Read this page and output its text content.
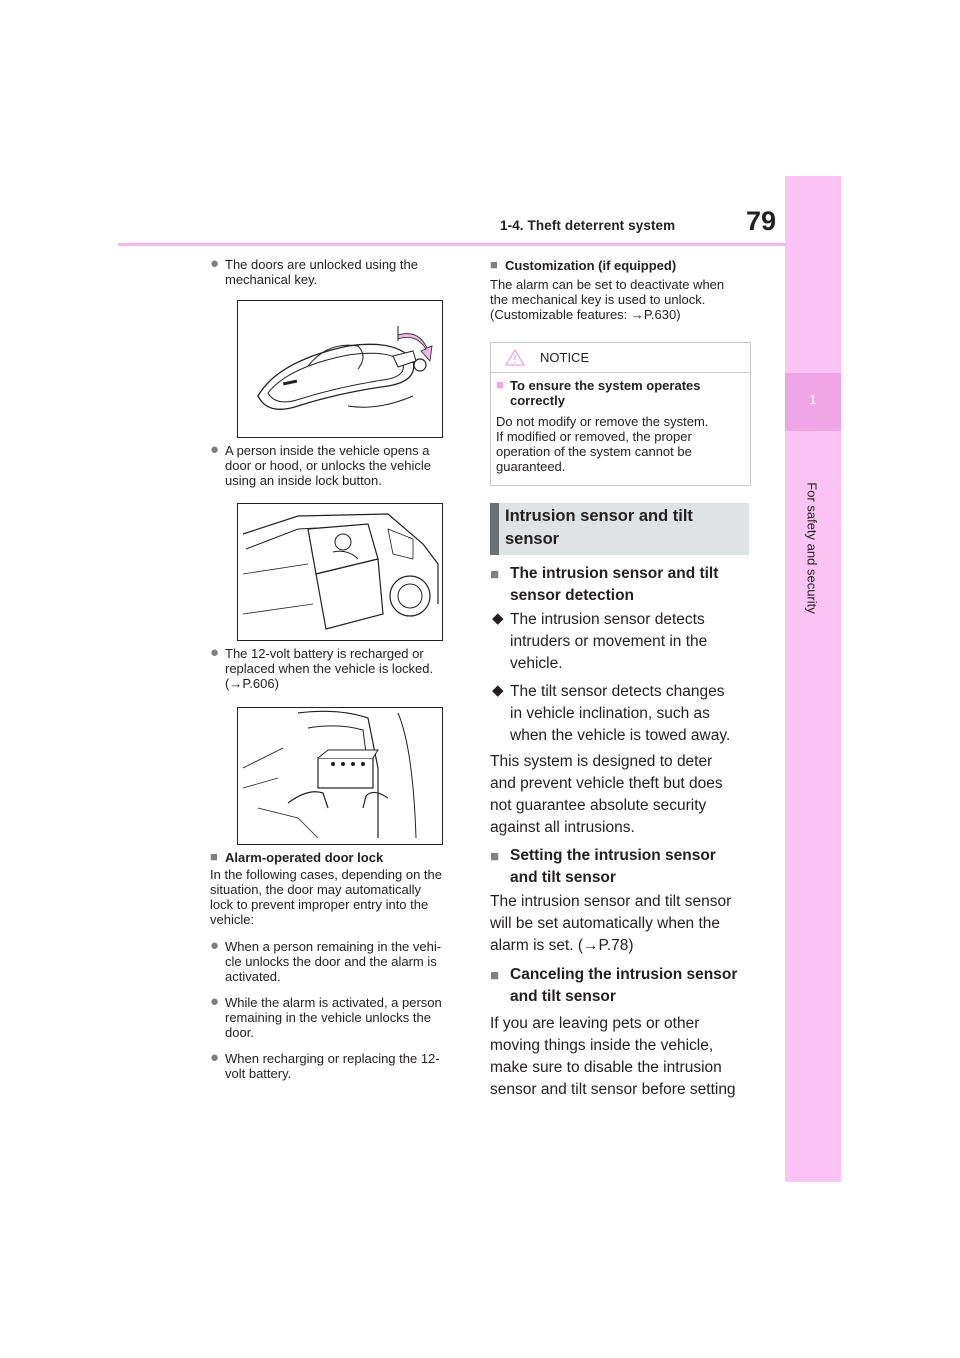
1-4. Theft deterrent system	79
1
For safety and security
● The doors are unlocked using the
mechanical key.
● A person inside the vehicle opens a
door or hood, or unlocks the vehicle
using an inside lock button.
● The 12-volt battery is recharged or
replaced when the vehicle is locked.
(→P.606)
■ Alarm-operated door lock
In the following cases, depending on the
situation, the door may automatically
lock to prevent improper entry into the
vehicle:
● When a person remaining in the vehi-
cle unlocks the door and the alarm is
activated.
● While the alarm is activated, a person
remaining in the vehicle unlocks the
door.
● When recharging or replacing the 12-
volt battery.
■ Customization (if equipped)
The alarm can be set to deactivate when
the mechanical key is used to unlock.
(Customizable features: →P.630)
NOTICE
■ To ensure the system operates
correctly
Do not modify or remove the system.
If modified or removed, the proper
operation of the system cannot be
guaranteed.
Intrusion sensor and tilt
sensor
■ The intrusion sensor and tilt
sensor detection
◆ The intrusion sensor detects
intruders or movement in the
vehicle.
◆ The tilt sensor detects changes
in vehicle inclination, such as
when the vehicle is towed away.
This system is designed to deter
and prevent vehicle theft but does
not guarantee absolute security
against all intrusions.
■ Setting the intrusion sensor
and tilt sensor
The intrusion sensor and tilt sensor
will be set automatically when the
alarm is set. (→P.78)
■ Canceling the intrusion sensor
and tilt sensor
If you are leaving pets or other
moving things inside the vehicle,
make sure to disable the intrusion
sensor and tilt sensor before setting
